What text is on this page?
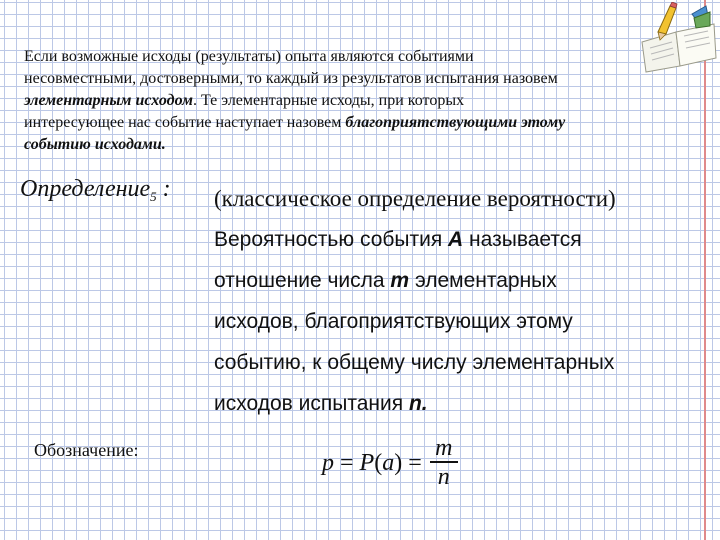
Если возможные исходы (результаты) опыта являются событиями
несовместными, достоверными, то каждый из результатов испытания назовем
элементарным исходом. Те элементарные исходы, при которых
интересующее нас событие наступает назовем благоприятствующими этому
событию исходами.
Определение$_5$ : (классическое определение вероятности)
Вероятностью события A называется
отношение числа m элементарных
исходов, благоприятствующих этому
событию, к общему числу элементарных
исходов испытания n.
Обозначение:	p = P ( a ) = $\frac{m}{n}$
